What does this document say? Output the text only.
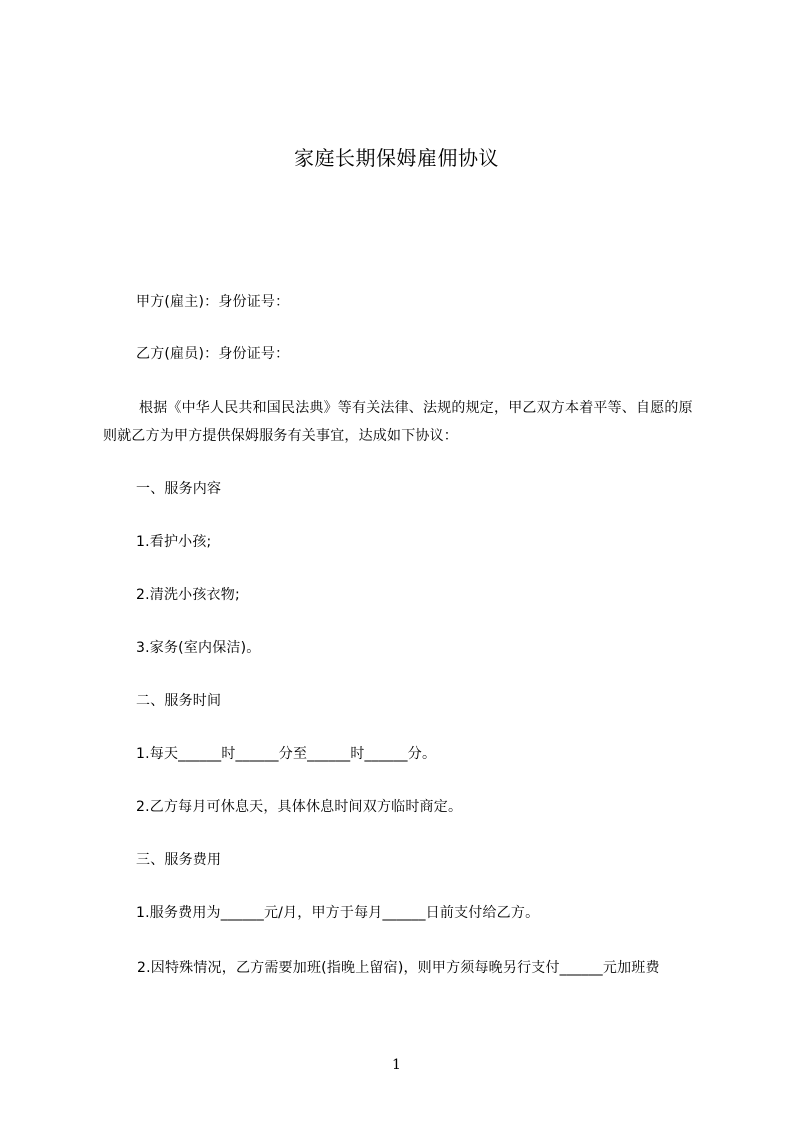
家庭长期保姆雇佣协议
甲方(雇主)：身份证号：
乙方(雇员)：身份证号：
根据《中华人民共和国民法典》等有关法律、法规的规定，甲乙双方本着平等、自愿的原则就乙方为甲方提供保姆服务有关事宜，达成如下协议：
一、服务内容
1.看护小孩;
2.清洗小孩衣物;
3.家务(室内保洁)。
二、服务时间
1.每天______时______分至______时______分。
2.乙方每月可休息天，具体休息时间双方临时商定。
三、服务费用
1.服务费用为______元/月，甲方于每月______日前支付给乙方。
2.因特殊情况，乙方需要加班(指晚上留宿)，则甲方须每晚另行支付______元加班费
1
